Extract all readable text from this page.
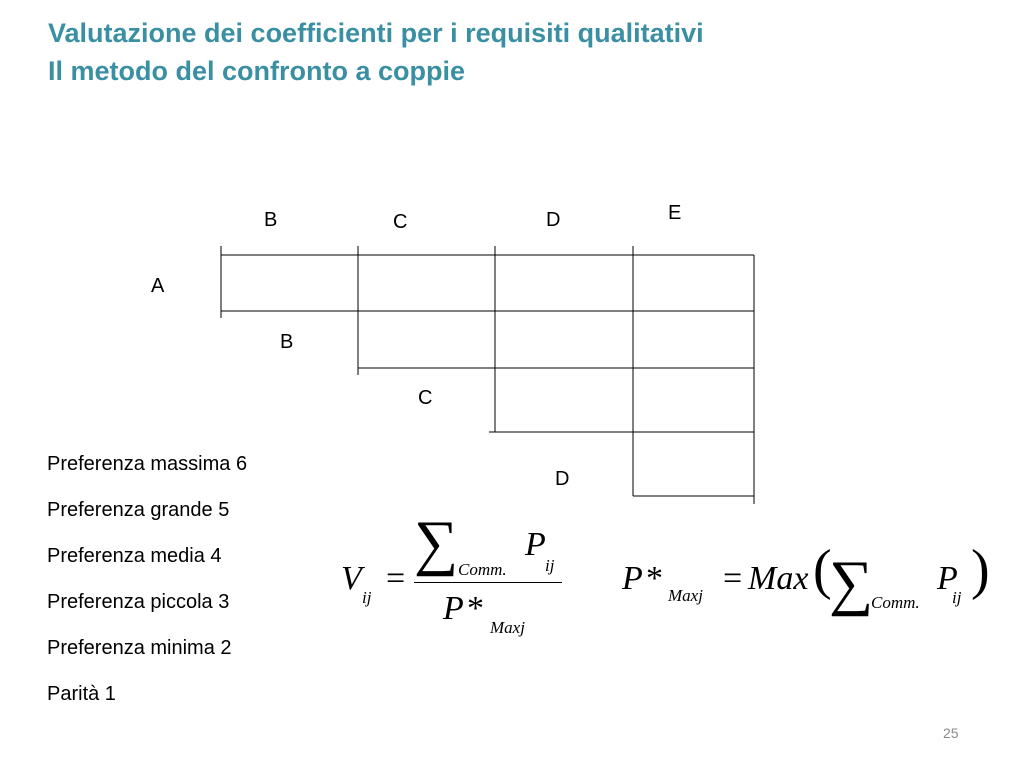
Valutazione dei coefficienti per i requisiti qualitativi
Il metodo del confronto a coppie
B	C	D	E
A
B
C
D
Preferenza massima 6
Preferenza grande 5
Preferenza media 4
Preferenza piccola 3
Preferenza minima 2
Parità 1
V
ij
=
∑ Comm.
P
ij
P *
Maxj
P * Maxj = Max (
∑
Comm.
P
ij )
25
